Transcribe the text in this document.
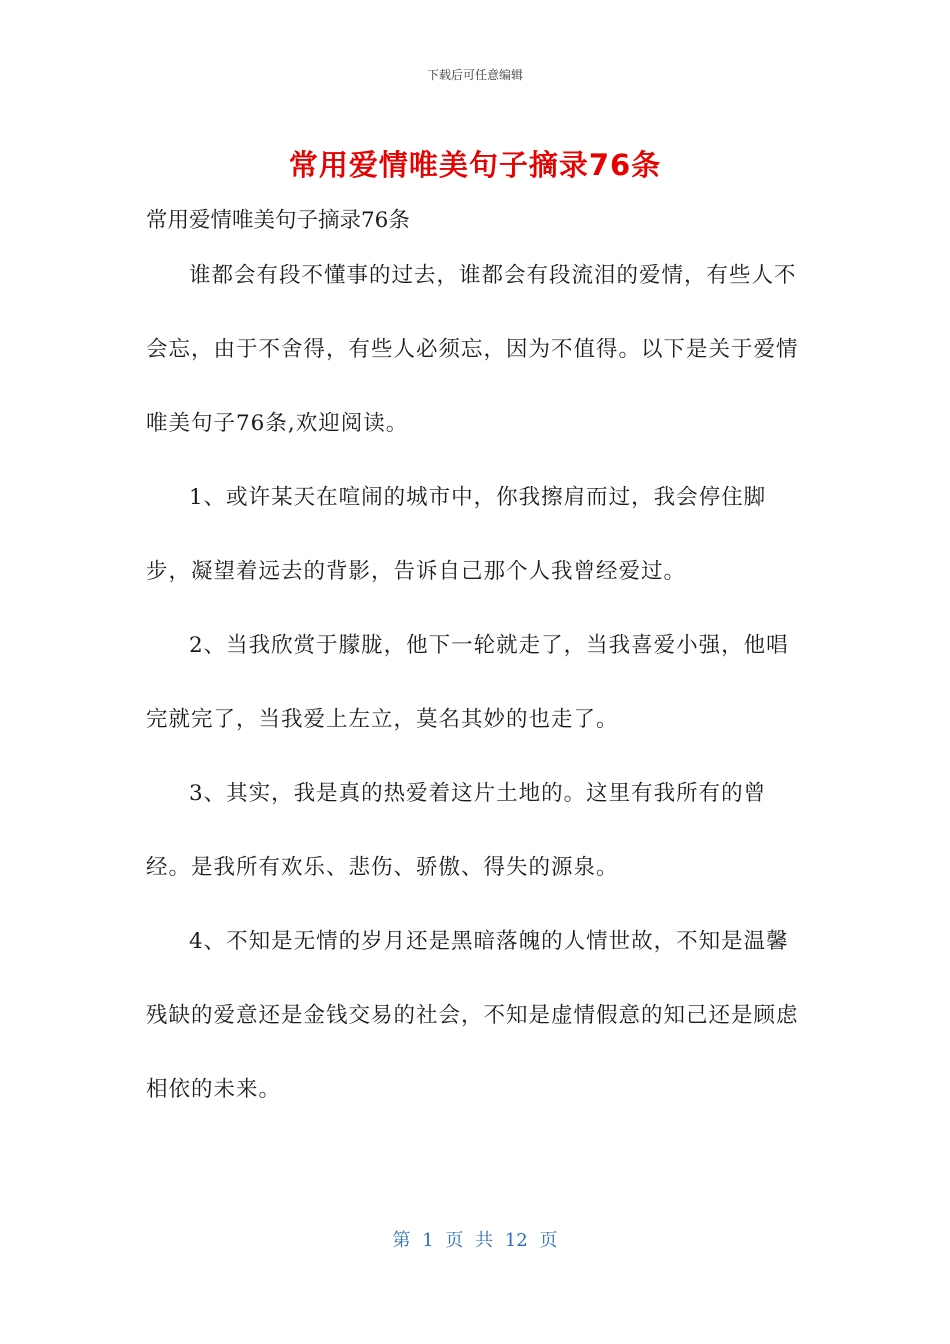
下载后可任意编辑
常用爱情唯美句子摘录76条

常用爱情唯美句子摘录76条

谁都会有段不懂事的过去，谁都会有段流泪的爱情，有些人不会忘，由于不舍得，有些人必须忘，因为不值得。以下是关于爱情唯美句子76条,欢迎阅读。

1、或许某天在喧闹的城市中，你我擦肩而过，我会停住脚步，凝望着远去的背影，告诉自己那个人我曾经爱过。

2、当我欣赏于朦胧，他下一轮就走了，当我喜爱小强，他唱完就完了，当我爱上左立，莫名其妙的也走了。

3、其实，我是真的热爱着这片土地的。这里有我所有的曾经。是我所有欢乐、悲伤、骄傲、得失的源泉。

4、不知是无情的岁月还是黑暗落魄的人情世故，不知是温馨残缺的爱意还是金钱交易的社会，不知是虚情假意的知己还是顾虑相依的未来。

第 1 页 共 12 页
